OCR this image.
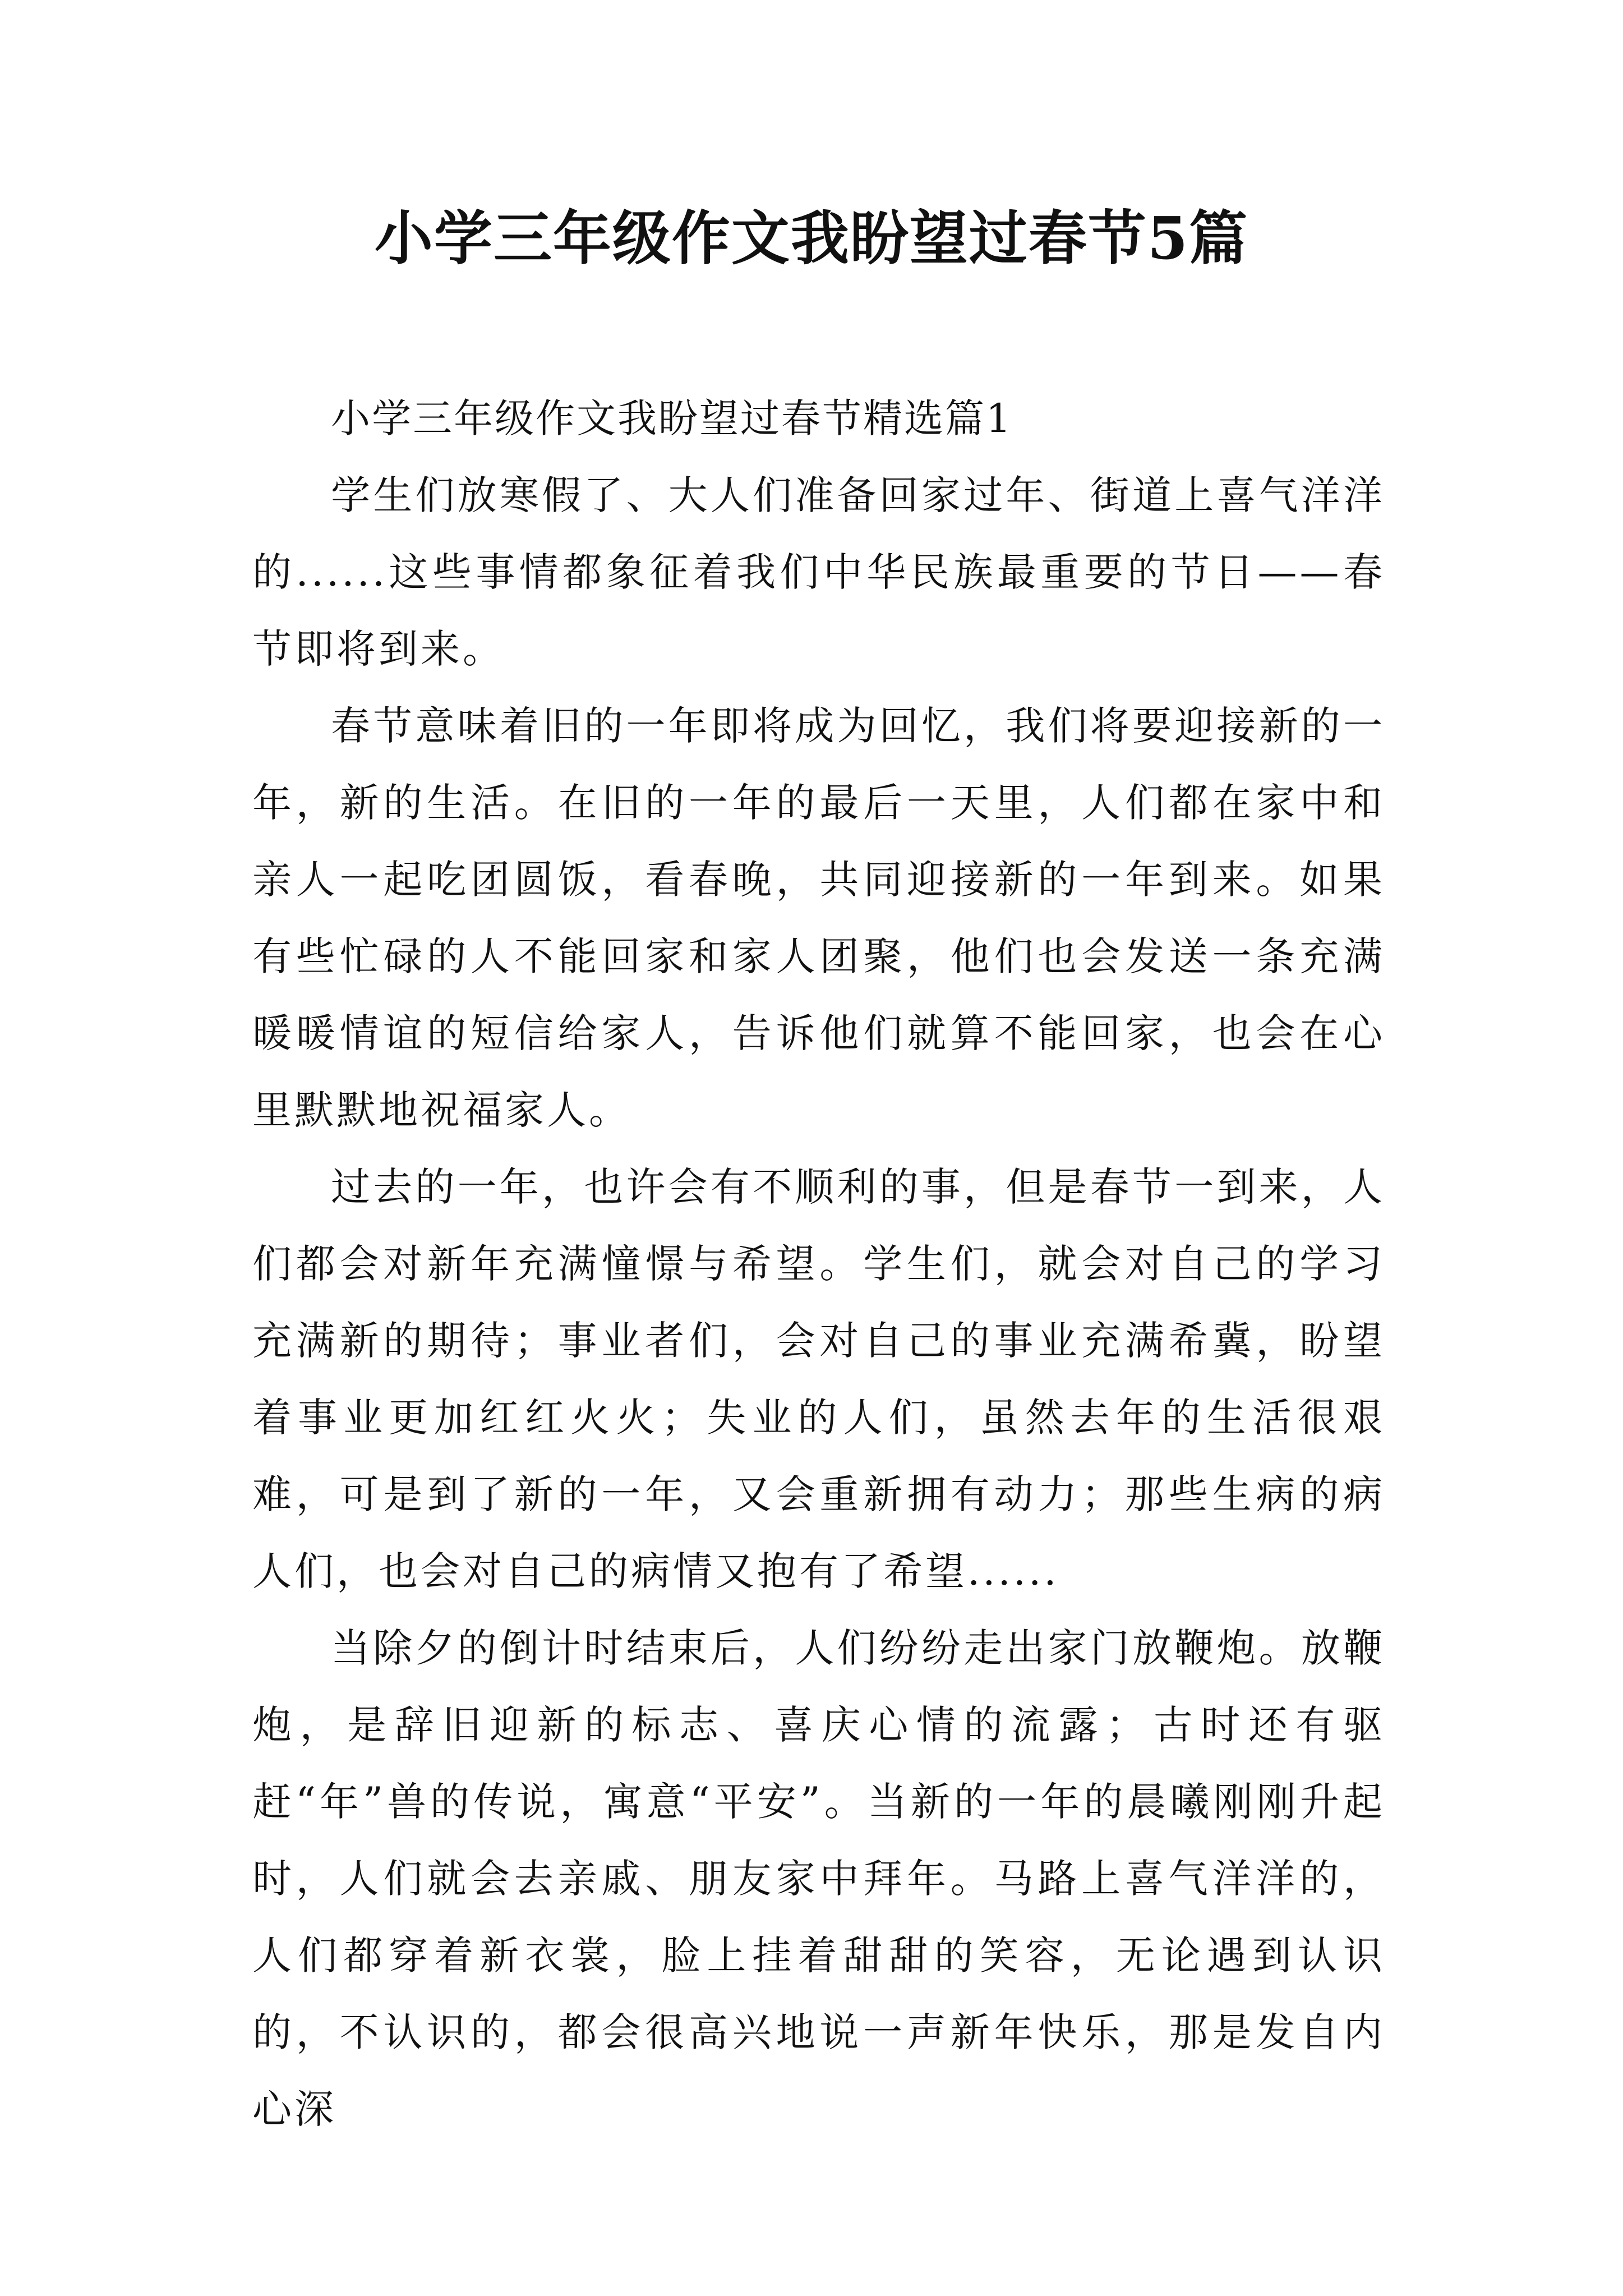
小学三年级作文我盼望过春节5篇

小学三年级作文我盼望过春节精选篇1

学生们放寒假了、大人们准备回家过年、街道上喜气洋洋的......这些事情都象征着我们中华民族最重要的节日——春节即将到来。

春节意味着旧的一年即将成为回忆，我们将要迎接新的一年，新的生活。在旧的一年的最后一天里，人们都在家中和亲人一起吃团圆饭，看春晚，共同迎接新的一年到来。如果有些忙碌的人不能回家和家人团聚，他们也会发送一条充满暖暖情谊的短信给家人，告诉他们就算不能回家，也会在心里默默地祝福家人。

过去的一年，也许会有不顺利的事，但是春节一到来，人们都会对新年充满憧憬与希望。学生们，就会对自己的学习充满新的期待；事业者们，会对自己的事业充满希冀，盼望着事业更加红红火火；失业的人们，虽然去年的生活很艰难，可是到了新的一年，又会重新拥有动力；那些生病的病人们，也会对自己的病情又抱有了希望......

当除夕的倒计时结束后，人们纷纷走出家门放鞭炮。放鞭炮，是辞旧迎新的标志、喜庆心情的流露；古时还有驱赶“年”兽的传说，寓意“平安”。当新的一年的晨曦刚刚升起时，人们就会去亲戚、朋友家中拜年。马路上喜气洋洋的，人们都穿着新衣裳，脸上挂着甜甜的笑容，无论遇到认识的，不认识的，都会很高兴地说一声新年快乐，那是发自内心深
